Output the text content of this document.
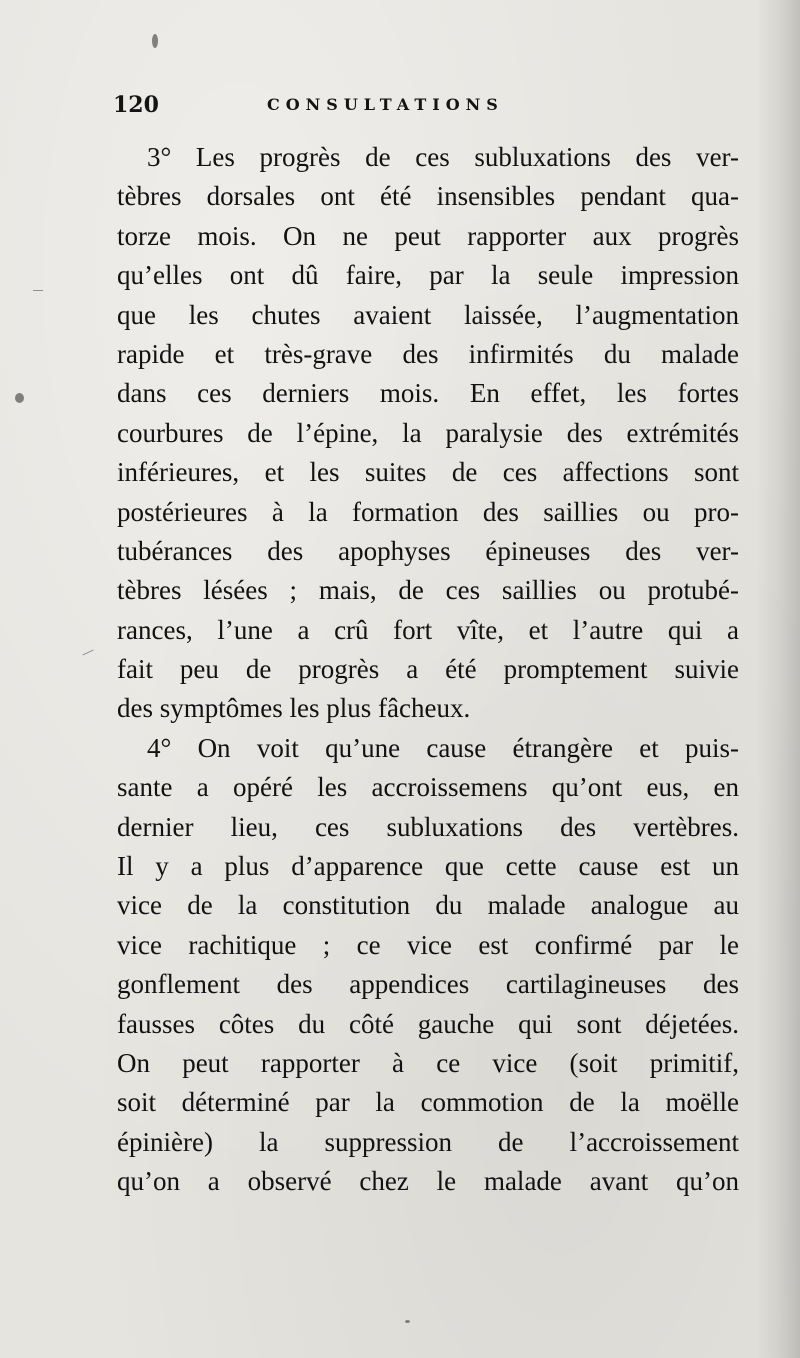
120	CONSULTATIONS
3° Les progrès de ces subluxations des ver-
tèbres dorsales ont été insensibles pendant qua-
torze mois. On ne peut rapporter aux progrès
qu’elles ont dû faire, par la seule impression
que les chutes avaient laissée, l’augmentation
rapide et très-grave des infirmités du malade
dans ces derniers mois. En effet, les fortes
courbures de l’épine, la paralysie des extrémités
inférieures, et les suites de ces affections sont
postérieures à la formation des saillies ou pro-
tubérances des apophyses épineuses des ver-
tèbres lésées ; mais, de ces saillies ou protubé-
rances, l’une a crû fort vîte, et l’autre qui a
fait peu de progrès a été promptement suivie
des symptômes les plus fâcheux.
4° On voit qu’une cause étrangère et puis-
sante a opéré les accroissemens qu’ont eus, en
dernier lieu, ces subluxations des vertèbres.
Il y a plus d’apparence que cette cause est un
vice de la constitution du malade analogue au
vice rachitique ; ce vice est confirmé par le
gonflement des appendices cartilagineuses des
fausses côtes du côté gauche qui sont déjetées.
On peut rapporter à ce vice (soit primitif,
soit déterminé par la commotion de la moëlle
épinière) la suppression de l’accroissement
qu’on a observé chez le malade avant qu’on
